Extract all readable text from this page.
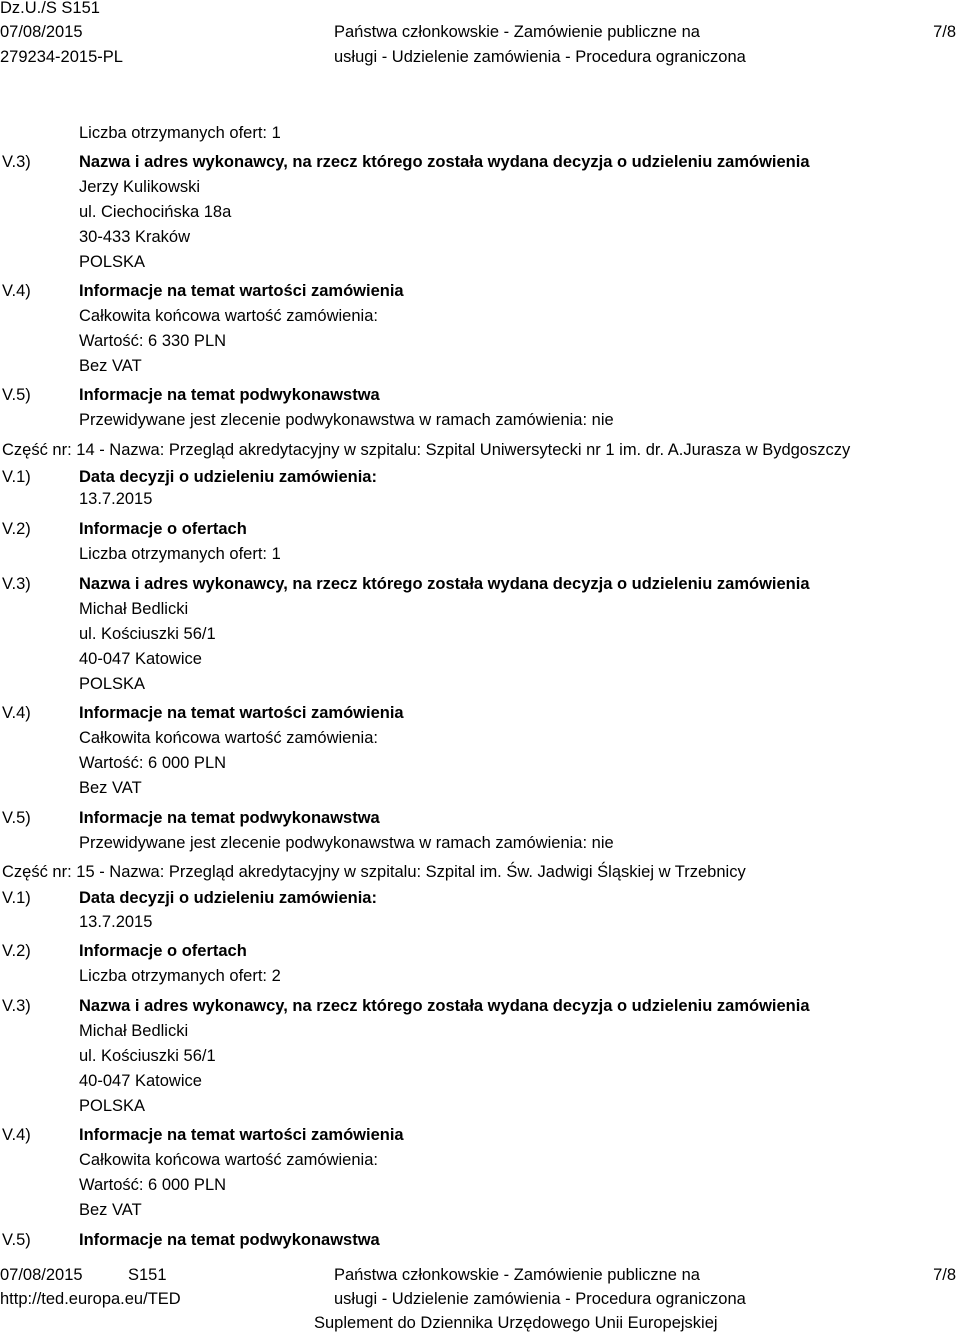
Dz.U./S S151
07/08/2015
279234-2015-PL
Państwa członkowskie - Zamówienie publiczne na
usługi - Udzielenie zamówienia - Procedura ograniczona
7/8
Liczba otrzymanych ofert: 1
V.3)	Nazwa i adres wykonawcy, na rzecz którego została wydana decyzja o udzieleniu zamówienia
Jerzy Kulikowski
ul. Ciechocińska 18a
30-433 Kraków
POLSKA
V.4)	Informacje na temat wartości zamówienia
Całkowita końcowa wartość zamówienia:
Wartość: 6 330 PLN
Bez VAT
V.5)	Informacje na temat podwykonawstwa
Przewidywane jest zlecenie podwykonawstwa w ramach zamówienia: nie
Część nr: 14 - Nazwa: Przegląd akredytacyjny w szpitalu: Szpital Uniwersytecki nr 1 im. dr. A.Jurasza w Bydgoszczy
V.1)	Data decyzji o udzieleniu zamówienia:
13.7.2015
V.2)	Informacje o ofertach
Liczba otrzymanych ofert: 1
V.3)	Nazwa i adres wykonawcy, na rzecz którego została wydana decyzja o udzieleniu zamówienia
Michał Bedlicki
ul. Kościuszki 56/1
40-047 Katowice
POLSKA
V.4)	Informacje na temat wartości zamówienia
Całkowita końcowa wartość zamówienia:
Wartość: 6 000 PLN
Bez VAT
V.5)	Informacje na temat podwykonawstwa
Przewidywane jest zlecenie podwykonawstwa w ramach zamówienia: nie
Część nr: 15 - Nazwa: Przegląd akredytacyjny w szpitalu: Szpital im. Św. Jadwigi Śląskiej w Trzebnicy
V.1)	Data decyzji o udzieleniu zamówienia:
13.7.2015
V.2)	Informacje o ofertach
Liczba otrzymanych ofert: 2
V.3)	Nazwa i adres wykonawcy, na rzecz którego została wydana decyzja o udzieleniu zamówienia
Michał Bedlicki
ul. Kościuszki 56/1
40-047 Katowice
POLSKA
V.4)	Informacje na temat wartości zamówienia
Całkowita końcowa wartość zamówienia:
Wartość: 6 000 PLN
Bez VAT
V.5)	Informacje na temat podwykonawstwa
07/08/2015	S151
http://ted.europa.eu/TED
Państwa członkowskie - Zamówienie publiczne na
usługi - Udzielenie zamówienia - Procedura ograniczona
Suplement do Dziennika Urzędowego Unii Europejskiej
7/8
